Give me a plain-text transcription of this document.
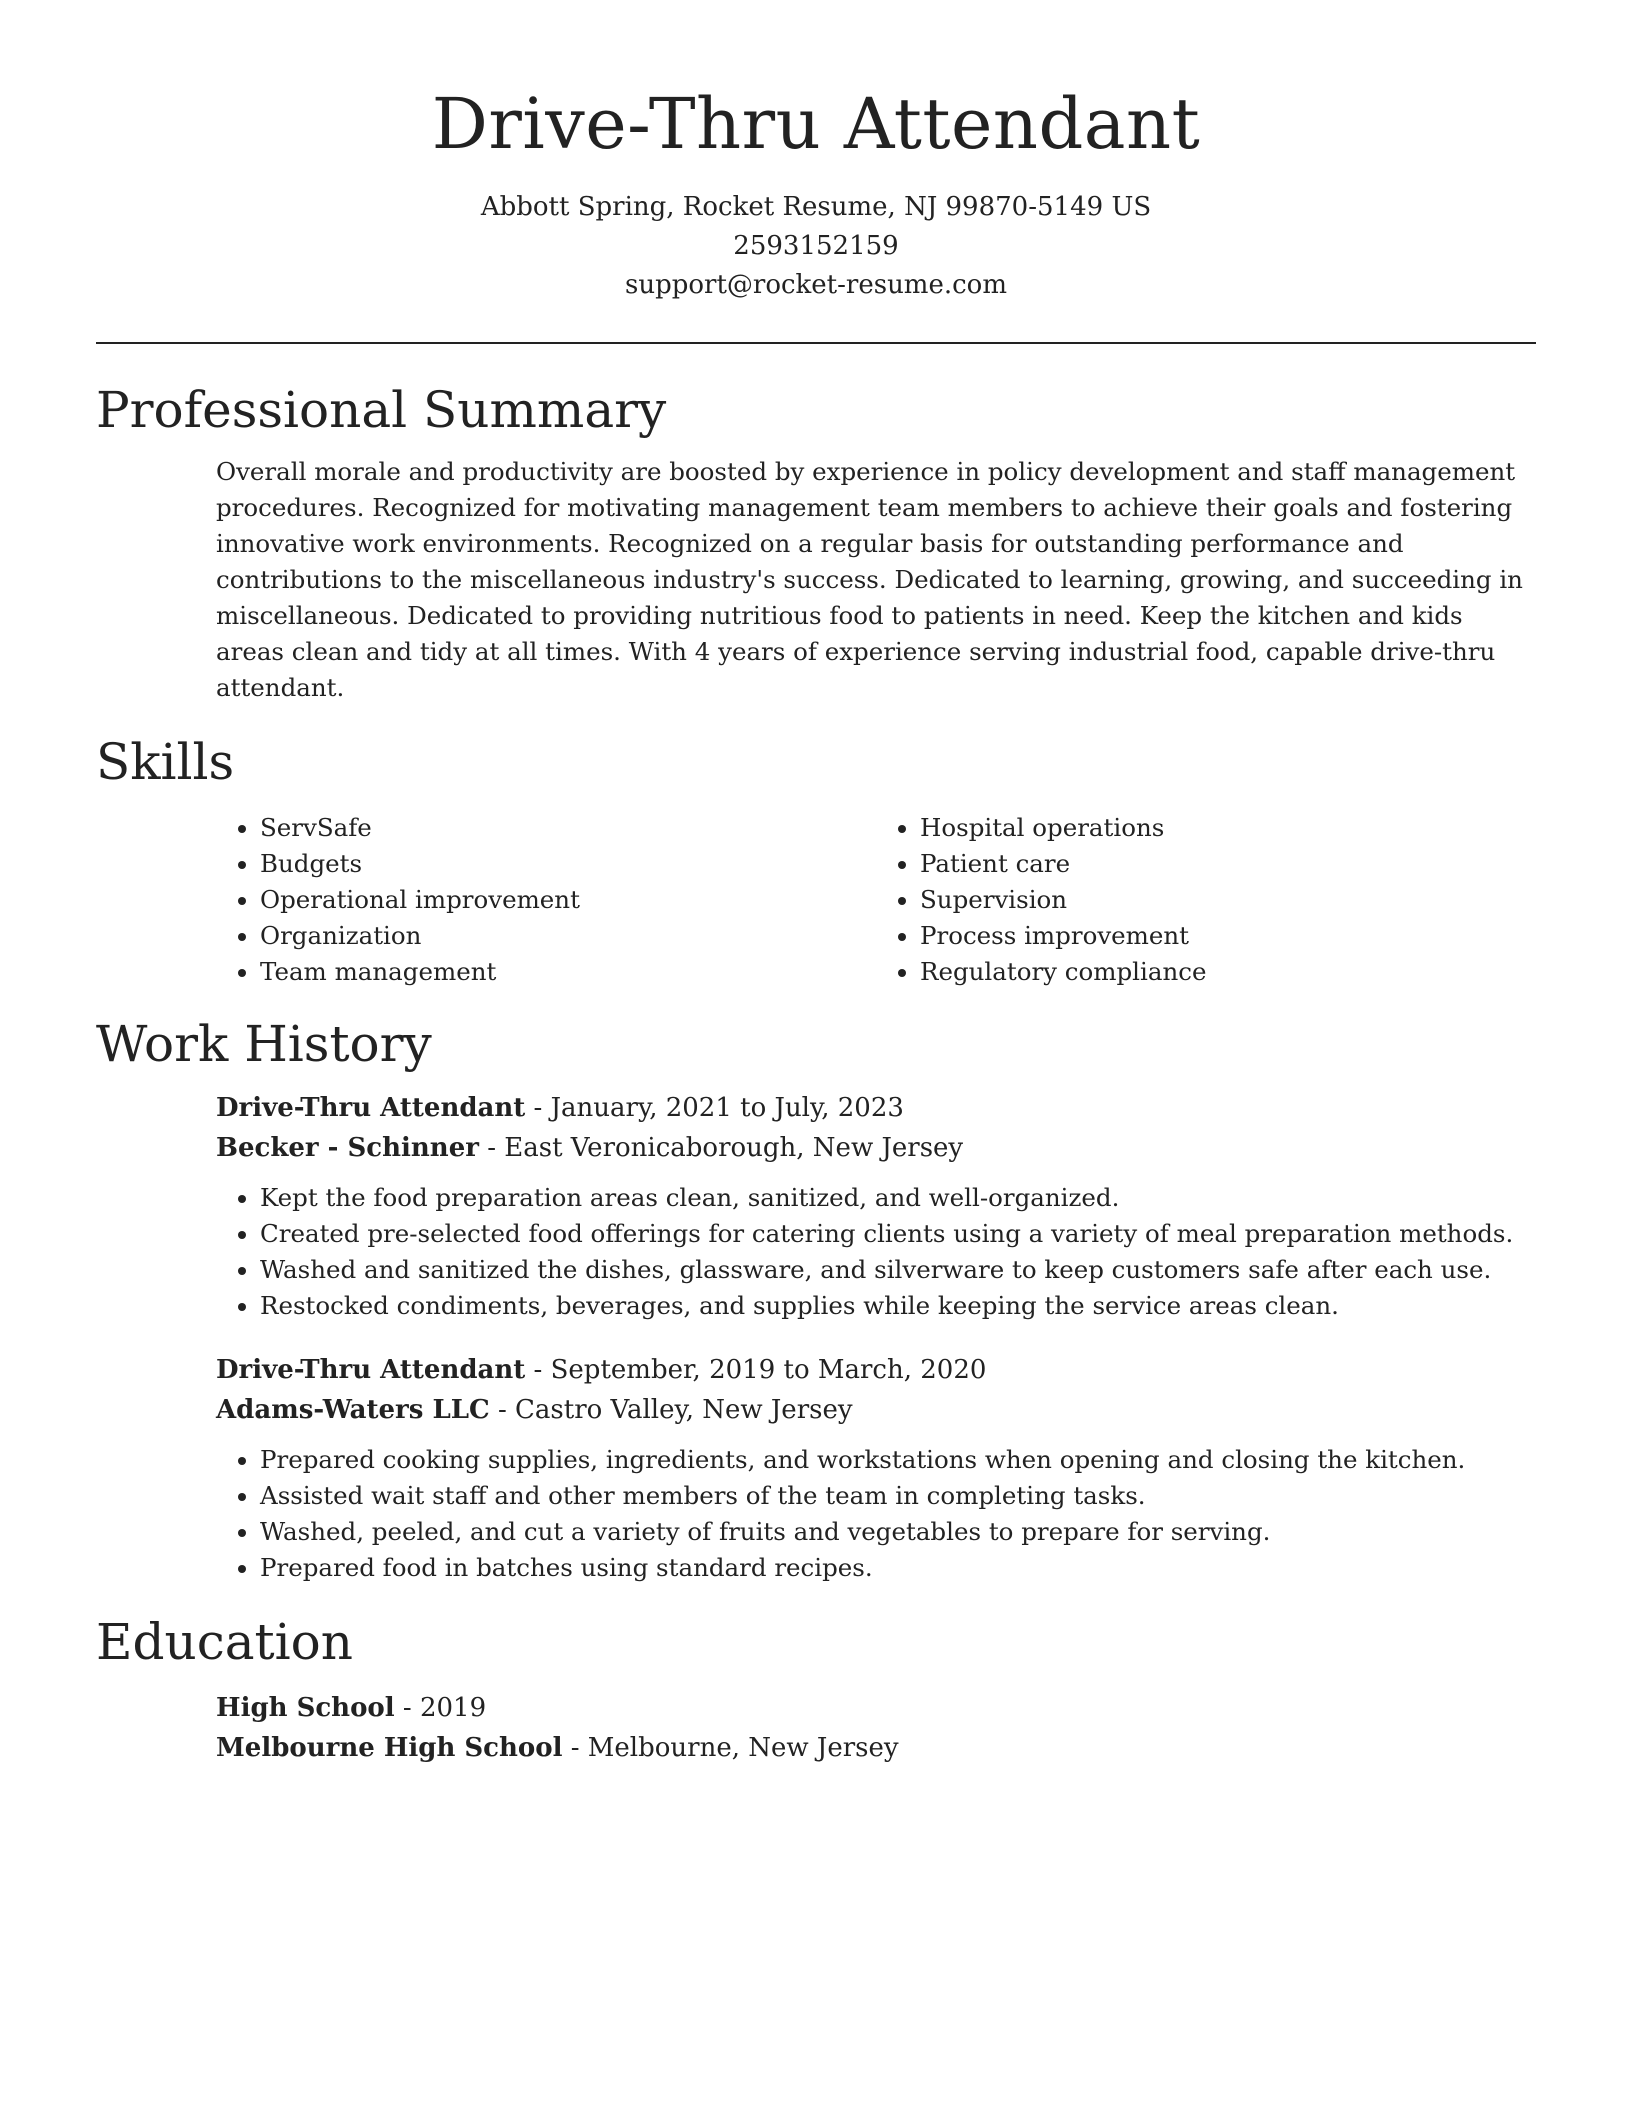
Drive-Thru Attendant
Abbott Spring, Rocket Resume, NJ 99870-5149 US
2593152159
support@rocket-resume.com
Professional Summary
Overall morale and productivity are boosted by experience in policy development and staff management procedures. Recognized for motivating management team members to achieve their goals and fostering innovative work environments. Recognized on a regular basis for outstanding performance and contributions to the miscellaneous industry's success. Dedicated to learning, growing, and succeeding in miscellaneous. Dedicated to providing nutritious food to patients in need. Keep the kitchen and kids areas clean and tidy at all times. With 4 years of experience serving industrial food, capable drive-thru attendant.
Skills
• ServSafe
• Budgets
• Operational improvement
• Organization
• Team management
• Hospital operations
• Patient care
• Supervision
• Process improvement
• Regulatory compliance
Work History
Drive-Thru Attendant - January, 2021 to July, 2023
Becker - Schinner - East Veronicaborough, New Jersey
• Kept the food preparation areas clean, sanitized, and well-organized.
• Created pre-selected food offerings for catering clients using a variety of meal preparation methods.
• Washed and sanitized the dishes, glassware, and silverware to keep customers safe after each use.
• Restocked condiments, beverages, and supplies while keeping the service areas clean.
Drive-Thru Attendant - September, 2019 to March, 2020
Adams-Waters LLC - Castro Valley, New Jersey
• Prepared cooking supplies, ingredients, and workstations when opening and closing the kitchen.
• Assisted wait staff and other members of the team in completing tasks.
• Washed, peeled, and cut a variety of fruits and vegetables to prepare for serving.
• Prepared food in batches using standard recipes.
Education
High School - 2019
Melbourne High School - Melbourne, New Jersey
